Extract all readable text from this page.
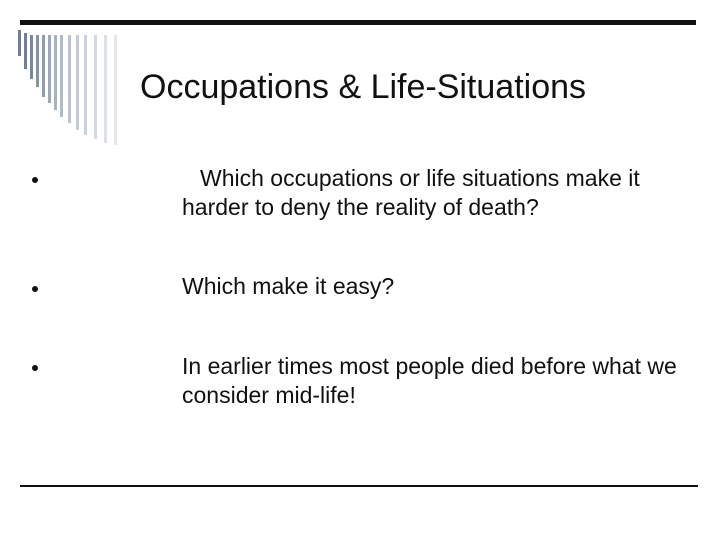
Occupations & Life-Situations
Which occupations or life situations make it harder to deny the reality of death?
Which make it easy?
In earlier times most people died before what we consider mid-life!
